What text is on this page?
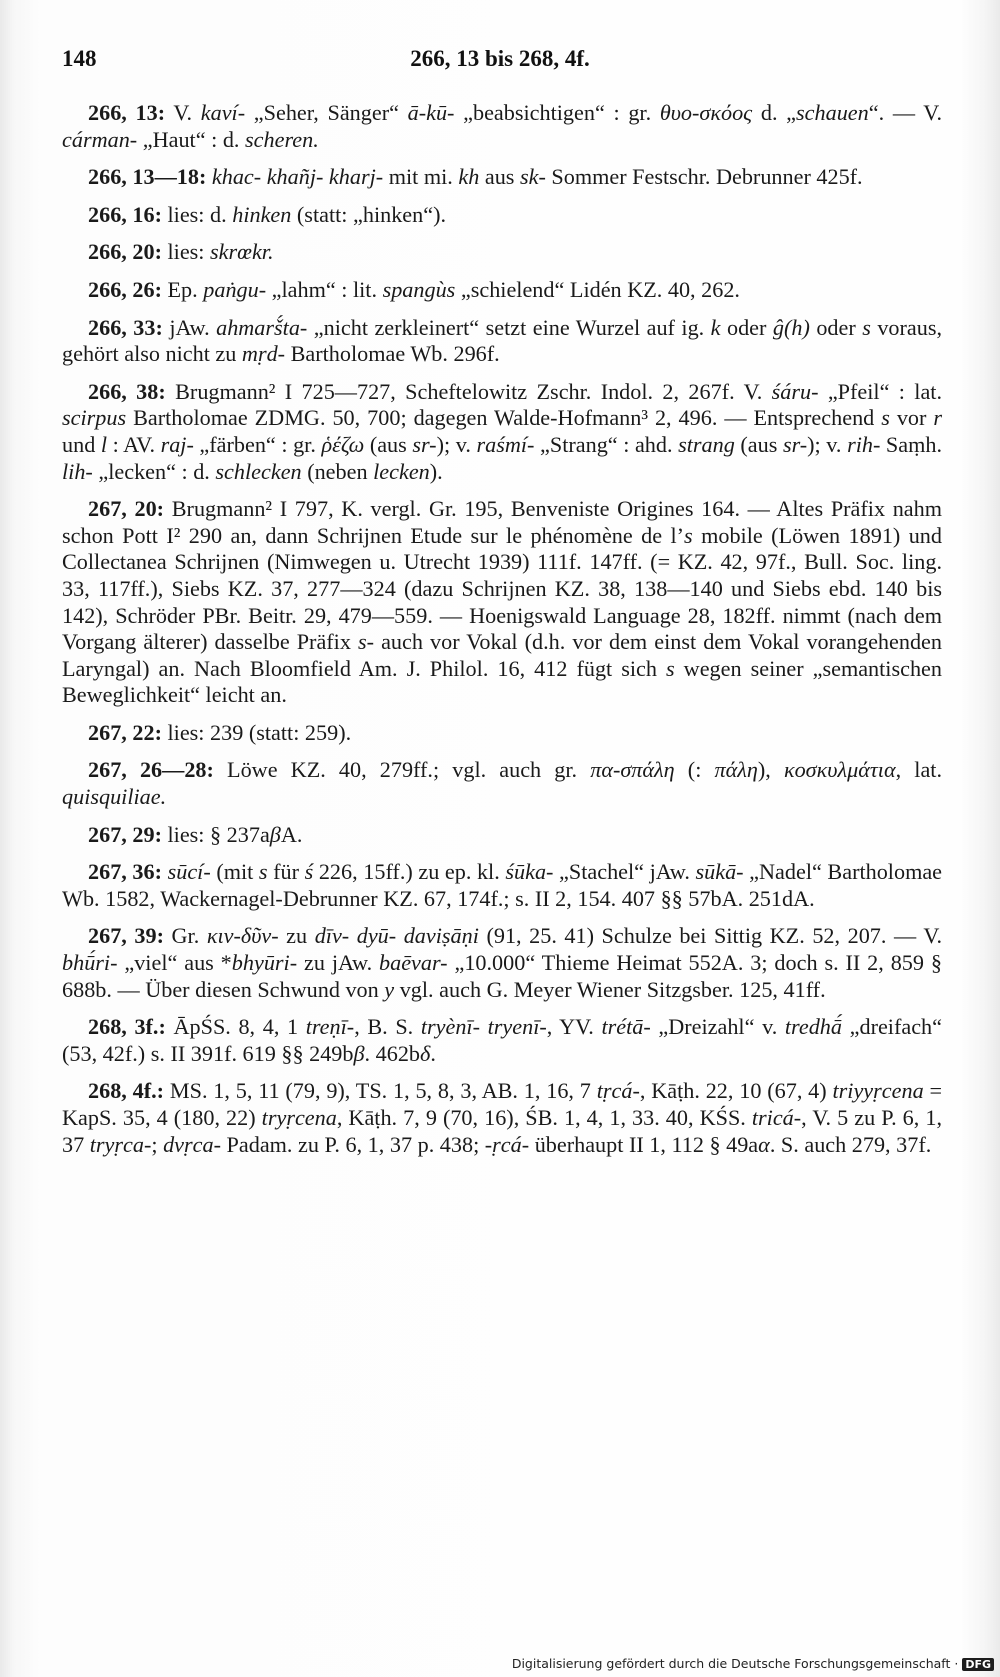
148	266, 13 bis 268, 4f.

266, 13: V. kaví- „Seher, Sänger“ ā-kū- „beabsichtigen“ : gr. θυο-σκόος d. „schauen“. — V. cárman- „Haut“ : d. scheren.

266, 13—18: khac- khañj- kharj- mit mi. kh aus sk- Sommer Festschr. Debrunner 425f.

266, 16: lies: d. hinken (statt: „hinken“).

266, 20: lies: skrœkr.

266, 26: Ep. paṅgu- „lahm“ : lit. spangùs „schielend“ Lidén KZ. 40, 262.

266, 33: jAw. ahmarš́ta- „nicht zerkleinert“ setzt eine Wurzel auf ig. k oder ĝ(h) oder s voraus, gehört also nicht zu mṛd- Bartholomae Wb. 296f.

266, 38: Brugmann² I 725—727, Scheftelowitz Zschr. Indol. 2, 267f. V. śáru- „Pfeil“ : lat. scirpus Bartholomae ZDMG. 50, 700; dagegen Walde-Hofmann³ 2, 496. — Entsprechend s vor r und l : AV. raj- „färben“ : gr. ῥέζω (aus sr-); v. raśmí- „Strang“ : ahd. strang (aus sr-); v. rih- Saṃh. lih- „lecken“ : d. schlecken (neben lecken).

267, 20: Brugmann² I 797, K. vergl. Gr. 195, Benveniste Origines 164. — Altes Präfix nahm schon Pott I² 290 an, dann Schrijnen Etude sur le phénomène de l’s mobile (Löwen 1891) und Collectanea Schrijnen (Nimwegen u. Utrecht 1939) 111f. 147ff. (= KZ. 42, 97f., Bull. Soc. ling. 33, 117ff.), Siebs KZ. 37, 277—324 (dazu Schrijnen KZ. 38, 138—140 und Siebs ebd. 140 bis 142), Schröder PBr. Beitr. 29, 479—559. — Hoenigswald Language 28, 182ff. nimmt (nach dem Vorgang älterer) dasselbe Präfix s- auch vor Vokal (d.h. vor dem einst dem Vokal vorangehenden Laryngal) an. Nach Bloomfield Am. J. Philol. 16, 412 fügt sich s wegen seiner „semantischen Beweglichkeit“ leicht an.

267, 22: lies: 239 (statt: 259).

267, 26—28: Löwe KZ. 40, 279ff.; vgl. auch gr. πα-σπάλη (: πάλη), κοσκυλμάτια, lat. quisquiliae.

267, 29: lies: § 237aβA.

267, 36: sūcí- (mit s für ś 226, 15ff.) zu ep. kl. śūka- „Stachel“ jAw. sūkā- „Nadel“ Bartholomae Wb. 1582, Wackernagel-Debrunner KZ. 67, 174f.; s. II 2, 154. 407 §§ 57bA. 251dA.

267, 39: Gr. κιν-δῦν- zu dīv- dyū- daviṣāṇi (91, 25. 41) Schulze bei Sittig KZ. 52, 207. — V. bhū́ri- „viel“ aus *bhyūri- zu jAw. baēvar- „10.000“ Thieme Heimat 552A. 3; doch s. II 2, 859 § 688b. — Über diesen Schwund von y vgl. auch G. Meyer Wiener Sitzgsber. 125, 41ff.

268, 3f.: ĀpŚS. 8, 4, 1 treṇī-, B. S. tryènī- tryenī-, YV. trétā- „Dreizahl“ v. tredhā́ „dreifach“ (53, 42f.) s. II 391f. 619 §§ 249bβ. 462bδ.

268, 4f.: MS. 1, 5, 11 (79, 9), TS. 1, 5, 8, 3, AB. 1, 16, 7 tṛcá-, Kāṭh. 22, 10 (67, 4) triyyṛcena = KapS. 35, 4 (180, 22) tryṛcena, Kāṭh. 7, 9 (70, 16), ŚB. 1, 4, 1, 33. 40, KŚS. tricá-, V. 5 zu P. 6, 1, 37 tryṛca-; dvṛca- Padam. zu P. 6, 1, 37 p. 438; -ṛcá- überhaupt II 1, 112 § 49aα. S. auch 279, 37f.

Digitalisierung gefördert durch die Deutsche Forschungsgemeinschaft · DFG
